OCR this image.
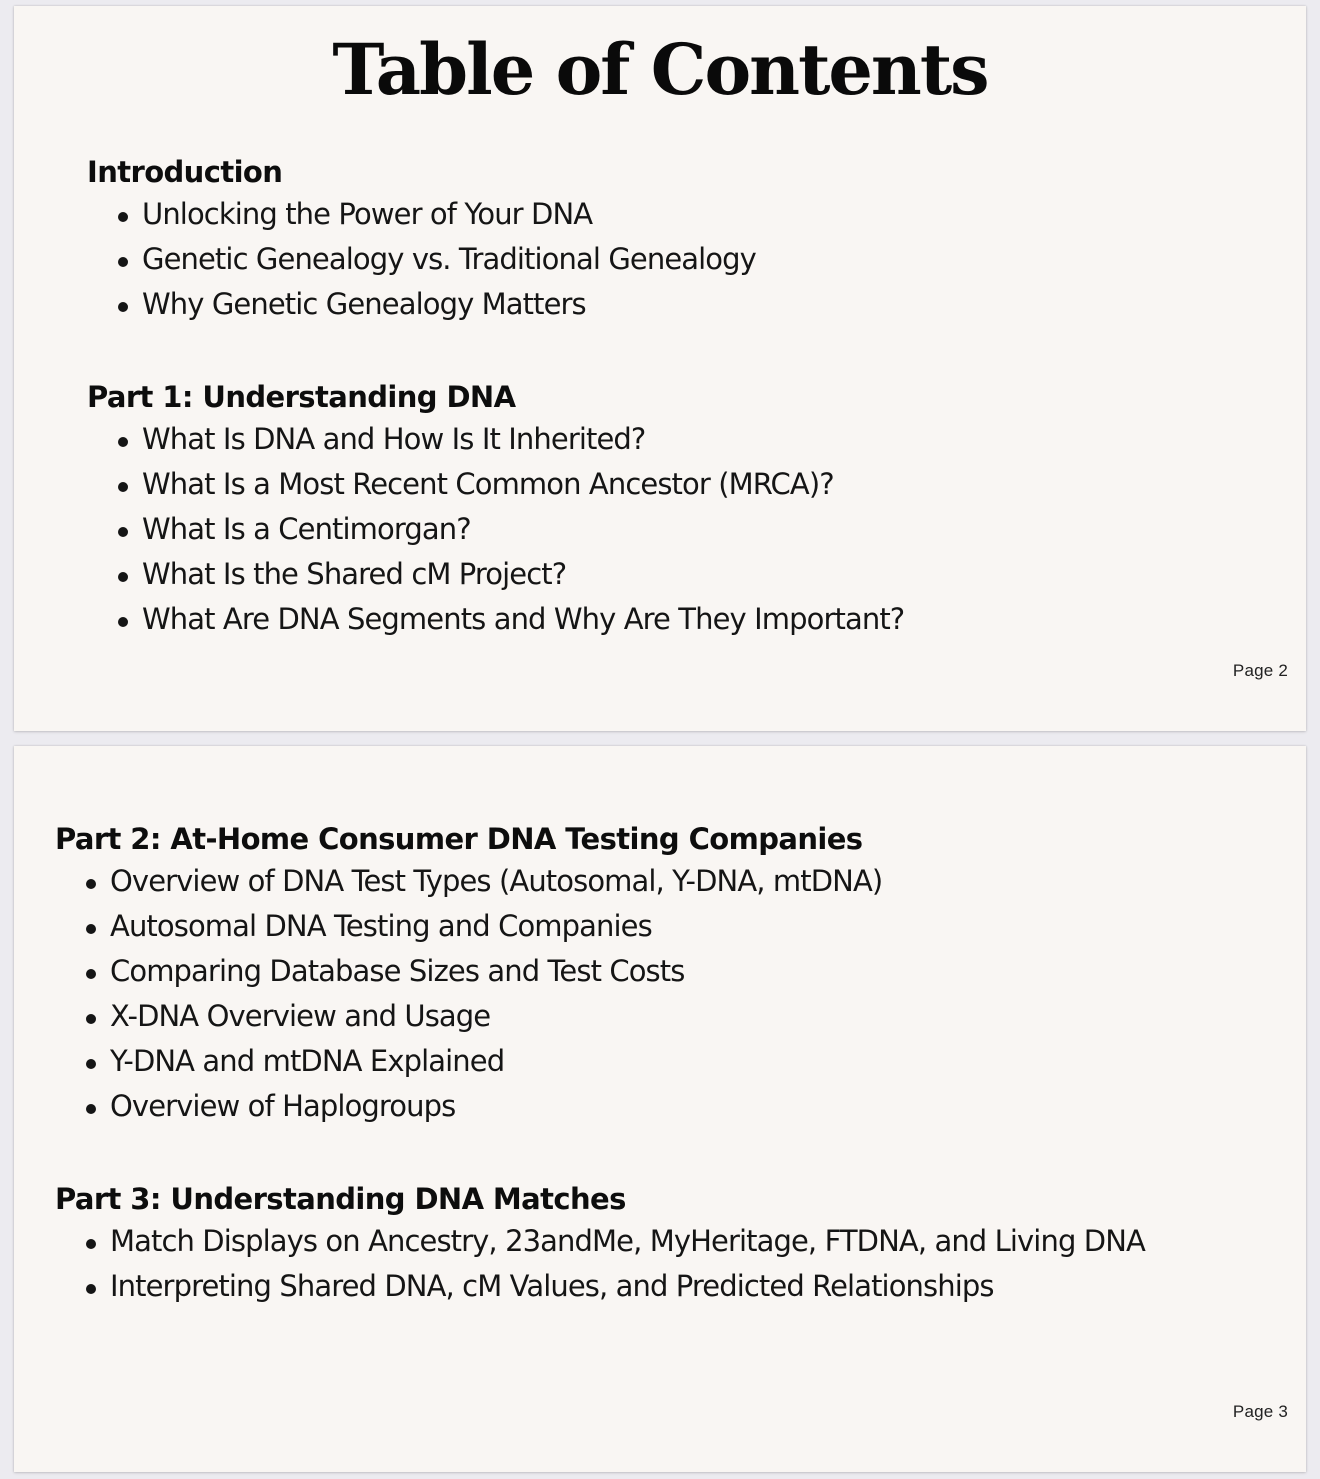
Table of Contents
Introduction
Unlocking the Power of Your DNA
Genetic Genealogy vs. Traditional Genealogy
Why Genetic Genealogy Matters
Part 1: Understanding DNA
What Is DNA and How Is It Inherited?
What Is a Most Recent Common Ancestor (MRCA)?
What Is a Centimorgan?
What Is the Shared cM Project?
What Are DNA Segments and Why Are They Important?
Page 2
Part 2: At-Home Consumer DNA Testing Companies
Overview of DNA Test Types (Autosomal, Y-DNA, mtDNA)
Autosomal DNA Testing and Companies
Comparing Database Sizes and Test Costs
X-DNA Overview and Usage
Y-DNA and mtDNA Explained
Overview of Haplogroups
Part 3: Understanding DNA Matches
Match Displays on Ancestry, 23andMe, MyHeritage, FTDNA, and Living DNA
Interpreting Shared DNA, cM Values, and Predicted Relationships
Page 3
